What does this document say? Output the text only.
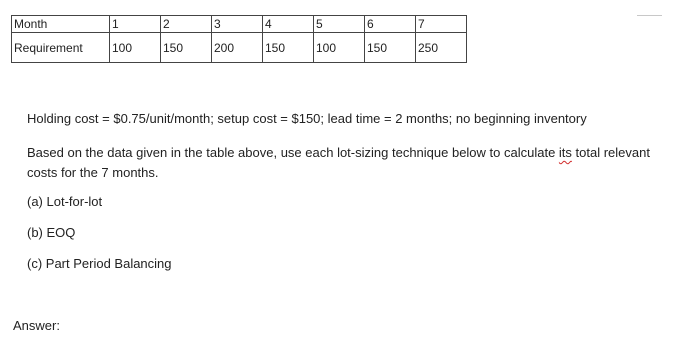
Month	1	2	3	4	5	6	7
Requirement	100	150	200	150	100	150	250
Holding cost = $0.75/unit/month; setup cost = $150; lead time = 2 months; no beginning inventory
Based on the data given in the table above, use each lot-sizing technique below to calculate its total relevant costs for the 7 months.
(a) Lot-for-lot
(b) EOQ
(c) Part Period Balancing
Answer:
